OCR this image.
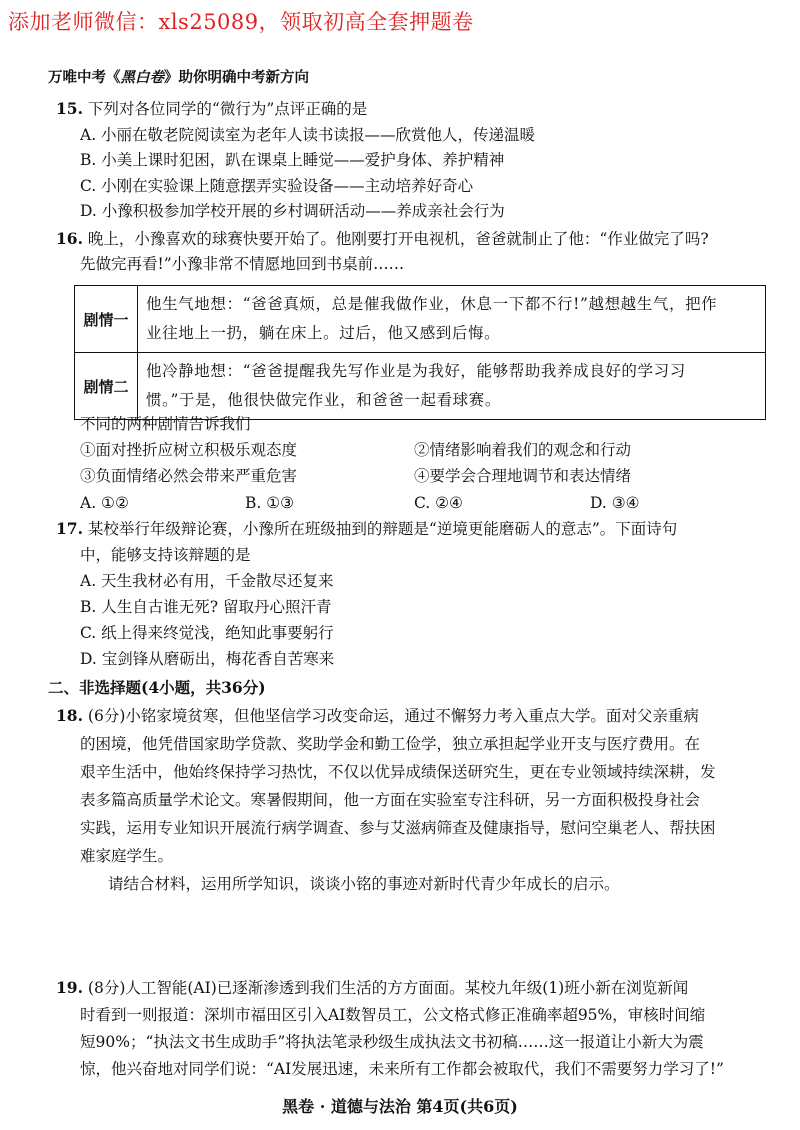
添加老师微信：xls25089，领取初高全套押题卷
万唯中考《黑白卷》助你明确中考新方向
15. 下列对各位同学的“微行为”点评正确的是
A. 小丽在敬老院阅读室为老年人读书读报——欣赏他人，传递温暖
B. 小美上课时犯困，趴在课桌上睡觉——爱护身体、养护精神
C. 小刚在实验课上随意摆弄实验设备——主动培养好奇心
D. 小豫积极参加学校开展的乡村调研活动——养成亲社会行为
16. 晚上，小豫喜欢的球赛快要开始了。他刚要打开电视机，爸爸就制止了他：“作业做完了吗?
先做完再看!”小豫非常不情愿地回到书桌前……
剧情一	他生气地想：“爸爸真烦，总是催我做作业，休息一下都不行!”越想越生气，把作
业往地上一扔，躺在床上。过后，他又感到后悔。

剧情二	他冷静地想：“爸爸提醒我先写作业是为我好，能够帮助我养成良好的学习习
惯。”于是，他很快做完作业，和爸爸一起看球赛。
不同的两种剧情告诉我们
①面对挫折应树立积极乐观态度	②情绪影响着我们的观念和行动
③负面情绪必然会带来严重危害	④要学会合理地调节和表达情绪
A. ①②	B. ①③	C. ②④	D. ③④
17. 某校举行年级辩论赛，小豫所在班级抽到的辩题是“逆境更能磨砺人的意志”。下面诗句
中，能够支持该辩题的是
A. 天生我材必有用，千金散尽还复来
B. 人生自古谁无死? 留取丹心照汗青
C. 纸上得来终觉浅，绝知此事要躬行
D. 宝剑锋从磨砺出，梅花香自苦寒来
二、非选择题(4小题，共36分)
18. (6分)小铭家境贫寒，但他坚信学习改变命运，通过不懈努力考入重点大学。面对父亲重病
的困境，他凭借国家助学贷款、奖助学金和勤工俭学，独立承担起学业开支与医疗费用。在
艰辛生活中，他始终保持学习热忱，不仅以优异成绩保送研究生，更在专业领域持续深耕，发
表多篇高质量学术论文。寒暑假期间，他一方面在实验室专注科研，另一方面积极投身社会
实践，运用专业知识开展流行病学调查、参与艾滋病筛查及健康指导，慰问空巢老人、帮扶困
难家庭学生。
请结合材料，运用所学知识，谈谈小铭的事迹对新时代青少年成长的启示。
19. (8分)人工智能(AI)已逐渐渗透到我们生活的方方面面。某校九年级(1)班小新在浏览新闻
时看到一则报道：深圳市福田区引入AI数智员工，公文格式修正准确率超95%，审核时间缩
短90%；“执法文书生成助手”将执法笔录秒级生成执法文书初稿……这一报道让小新大为震
惊，他兴奋地对同学们说：“AI发展迅速，未来所有工作都会被取代，我们不需要努力学习了!”
黑卷 · 道德与法治 第4页(共6页)
